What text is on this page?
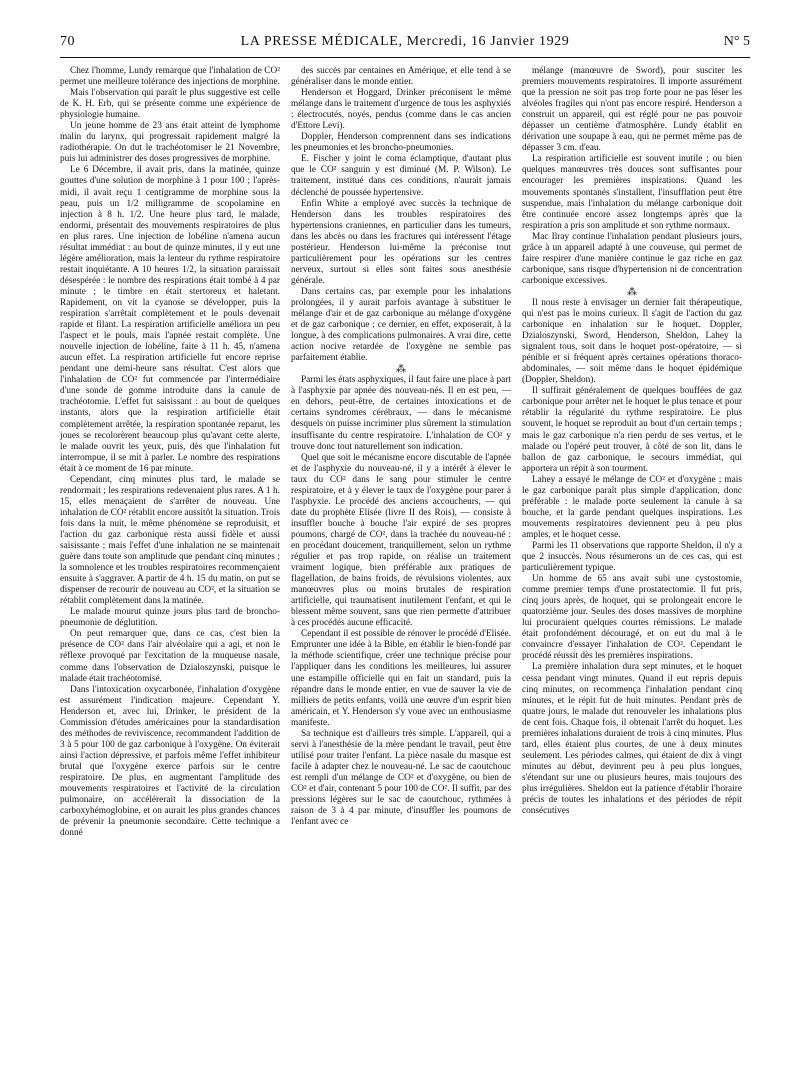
70	LA PRESSE MÉDICALE, Mercredi, 16 Janvier 1929	N° 5

Chez l'homme, Lundy remarque que l'inhalation de CO² permet une meilleure tolérance des injections de morphine.

Mais l'observation qui paraît le plus suggestive est celle de K. H. Erb, qui se présente comme une expérience de physiologie humaine.

Un jeune homme de 23 ans était atteint de lymphome malin du larynx, qui progressait rapidement malgré la radiothérapie. On dut le trachéotomiser le 21 Novembre, puis lui administrer des doses progressives de morphine.

Le 6 Décembre, il avait pris, dans la matinée, quinze gouttes d'une solution de morphine à 1 pour 100 ; l'après-midi, il avait reçu 1 centigramme de morphine sous la peau, puis un 1/2 milligramme de scopolamine en injection à 8 h. 1/2. Une heure plus tard, le malade, endormi, présentait des mouvements respiratoires de plus en plus rares. Une injection de lobéline n'amena aucun résultat immédiat : au bout de quinze minutes, il y eut une légère amélioration, mais la lenteur du rythme respiratoire restait inquiétante. A 10 heures 1/2, la situation paraissait désespérée : le nombre des respirations était tombé à 4 par minute ; le timbre en était stertoreux et haletant. Rapidement, on vit la cyanose se développer, puis la respiration s'arrêtait complètement et le pouls devenait rapide et filant. La respiration artificielle améliora un peu l'aspect et le pouls, mais l'apnée restait complète. Une nouvelle injection de lobéline, faite à 11 h. 45, n'amena aucun effet. La respiration artificielle fut encore reprise pendant une demi-heure sans résultat. C'est alors que l'inhalation de CO² fut commencée par l'intermédiaire d'une sonde de gomme introduite dans la canule de trachéotomie. L'effet fut saisissant : au bout de quelques instants, alors que la respiration artificielle était complètement arrêtée, la respiration spontanée reparut, les joues se recolorèrent beaucoup plus qu'avant cette alerte, le malade ouvrit les yeux, puis, dès que l'inhalation fut interrompue, il se mit à parler. Le nombre des respirations était à ce moment de 16 par minute.

Cependant, cinq minutes plus tard, le malade se rendormait ; les respirations redevenaient plus rares. A 1 h. 15, elles menaçaient de s'arrêter de nouveau. Une inhalation de CO² rétablit encore aussitôt la situation. Trois fois dans la nuit, le même phénomène se reproduisit, et l'action du gaz carbonique resta aussi fidèle et aussi saisissante ; mais l'effet d'une inhalation ne se maintenait guère dans toute son amplitude que pendant cinq minutes ; la somnolence et les troubles respiratoires recommençaient ensuite à s'aggraver. A partir de 4 h. 15 du matin, on put se dispenser de recourir de nouveau au CO², et la situation se rétablit complètement dans la matinée.

Le malade mourut quinze jours plus tard de broncho-pneumonie de déglutition.

On peut remarquer que, dans ce cas, c'est bien la présence de CO² dans l'air alvéolaire qui a agi, et non le réflexe provoqué par l'excitation de la muqueuse nasale, comme dans l'observation de Dzialoszynski, puisque le malade était trachéotomisé.

Dans l'intoxication oxycarbonée, l'inhalation d'oxygène est assurément l'indication majeure. Cependant Y. Henderson et, avec lui, Drinker, le président de la Commission d'études américaines pour la standardisation des méthodes de reviviscence, recommandent l'addition de 3 à 5 pour 100 de gaz carbonique à l'oxygène. On éviterait ainsi l'action dépressive, et parfois même l'effet inhibiteur brutal que l'oxygène exerce parfois sur le centre respiratoire. De plus, en augmentant l'amplitude des mouvements respiratoires et l'activité de la circulation pulmonaire, on accélérerait la dissociation de la carboxyhémoglobine, et on aurait les plus grandes chances de prévenir la pneumonie secondaire. Cette technique a donné

des succès par centaines en Amérique, et elle tend à se généraliser dans le monde entier.

Henderson et Hoggard, Drinker préconisent le même mélange dans le traitement d'urgence de tous les asphyxiés : électrocutés, noyés, pendus (comme dans le cas ancien d'Ettore Levi).

Doppler, Henderson comprennent dans ses indications les pneumonies et les broncho-pneumonies.

E. Fischer y joint le coma éclamptique, d'autant plus que le CO² sanguin y est diminué (M. P. Wilson). Le traitement, institué dans ces conditions, n'aurait jamais déclenché de poussée hypertensive.

Enfin White a employé avec succès la technique de Henderson dans les troubles respiratoires des hypertensions craniennes, en particulier dans les tumeurs, dans les abcès ou dans les fractures qui intéressent l'étage postérieur. Henderson lui-même la préconise tout particulièrement pour les opérations sur les centres nerveux, surtout si elles sont faites sous anesthésie générale.

Dans certains cas, par exemple pour les inhalations prolongées, il y aurait parfois avantage à substituer le mélange d'air et de gaz carbonique au mélange d'oxygène et de gaz carbonique ; ce dernier, en effet, exposerait, à la longue, à des complications pulmonaires. A vrai dire, cette action nocive retardée de l'oxygène ne semble pas parfaitement établie.

⁂

Parmi les états asphyxiques, il faut faire une place à part à l'asphyxie par apnée des nouveau-nés. Il en est peu, — en dehors, peut-être, de certaines intoxications et de certains syndromes cérébraux, — dans le mécanisme desquels on puisse incriminer plus sûrement la stimulation insuffisante du centre respiratoire. L'inhalation de CO² y trouve donc tout naturellement son indication.

Quel que soit le mécanisme encore discutable de l'apnée et de l'asphyxie du nouveau-né, il y a intérêt à élever le taux du CO² dans le sang pour stimuler le centre respiratoire, et à y élever le taux de l'oxygène pour parer à l'asphyxie. Le procédé des anciens accoucheurs, — qui date du prophète Elisée (livre II des Rois), — consiste à insuffler bouche à bouche l'air expiré de ses propres poumons, chargé de CO², dans la trachée du nouveau-né : en procédant doucement, tranquillement, selon un rythme régulier et pas trop rapide, on réalise un traitement vraiment logique, bien préférable aux pratiques de flagellation, de bains froids, de révulsions violentes, aux manœuvres plus ou moins brutales de respiration artificielle, qui traumatisent inutilement l'enfant, et qui le blessent même souvent, sans que rien permette d'attribuer à ces procédés aucune efficacité.

Cependant il est possible de rénover le procédé d'Elisée. Emprunter une idée à la Bible, en établir le bien-fondé par la méthode scientifique, créer une technique précise pour l'appliquer dans les conditions les meilleures, lui assurer une estampille officielle qui en fait un standard, puis la répandre dans le monde entier, en vue de sauver la vie de milliers de petits enfants, voilà une œuvre d'un esprit bien américain, et Y. Henderson s'y voue avec un enthousiasme manifeste.

Sa technique est d'ailleurs très simple. L'appareil, qui a servi à l'anesthésie de la mère pendant le travail, peut être utilisé pour traiter l'enfant. La pièce nasale du masque est facile à adapter chez le nouveau-né. Le sac de caoutchouc est rempli d'un mélange de CO² et d'oxygène, ou bien de CO² et d'air, contenant 5 pour 100 de CO². Il suffit, par des pressions légères sur le sac de caoutchouc, rythmées à raison de 3 à 4 par minute, d'insuffler les poumons de l'enfant avec ce

mélange (manœuvre de Sword), pour susciter les premiers mouvements respiratoires. Il importe assurément que la pression ne soit pas trop forte pour ne pas léser les alvéoles fragiles qui n'ont pas encore respiré. Henderson a construit un appareil, qui est réglé pour ne pas pouvoir dépasser un centième d'atmosphère. Lundy établit en dérivation une soupape à eau, qui ne permet même pas de dépasser 3 cm. d'eau.

La respiration artificielle est souvent inutile ; ou bien quelques manœuvres très douces sont suffisantes pour encourager les premières inspirations. Quand les mouvements spontanés s'installent, l'insufflation peut être suspendue, mais l'inhalation du mélange carbonique doit être continuée encore assez longtemps après que la respiration a pris son amplitude et son rythme normaux.

Mac Ilray continue l'inhalation pendant plusieurs jours, grâce à un appareil adapté à une couveuse, qui permet de faire respirer d'une manière continue le gaz riche en gaz carbonique, sans risque d'hypertension ni de concentration carbonique excessives.

⁂

Il nous reste à envisager un dernier fait thérapeutique, qui n'est pas le moins curieux. Il s'agit de l'action du gaz carbonique en inhalation sur le hoquet. Doppler, Dzialoszynski, Sword, Henderson, Sheldon, Lahey la signalent tous, soit dans le hoquet post-opératoire, — si pénible et si fréquent après certaines opérations thoraco-abdominales, — soit même dans le hoquet épidémique (Doppler, Sheldon).

Il suffirait généralement de quelques bouffées de gaz carbonique pour arrêter net le hoquet le plus tenace et pour rétablir la régularité du rythme respiratoire. Le plus souvent, le hoquet se reproduit au bout d'un certain temps ; mais le gaz carbonique n'a rien perdu de ses vertus, et le malade ou l'opéré peut trouver, à côté de son lit, dans le ballon de gaz carbonique, le secours immédiat, qui apportera un répit à son tourment.

Lahey a essayé le mélange de CO² et d'oxygène ; mais le gaz carbonique paraît plus simple d'application, donc préférable : le malade porte seulement la canule à sa bouche, et la garde pendant quelques inspirations. Les mouvements respiratoires deviennent peu à peu plus amples, et le hoquet cesse.

Parmi les 11 observations que rapporte Sheldon, il n'y a que 2 insuccès. Nous résumerons un de ces cas, qui est particulièrement typique.

Un homme de 65 ans avait subi une cystostomie, comme premier temps d'une prostatectomie. Il fut pris, cinq jours après, de hoquet, qui se prolongeait encore le quatorzième jour. Seules des doses massives de morphine lui procuraient quelques courtes rémissions. Le malade était profondément découragé, et on eut du mal à le convaincre d'essayer l'inhalation de CO². Cependant le procédé réussit dès les premières inspirations.

La première inhalation dura sept minutes, et le hoquet cessa pendant vingt minutes. Quand il eut repris depuis cinq minutes, on recommença l'inhalation pendant cinq minutes, et le répit fut de huit minutes. Pendant près de quatre jours, le malade dut renouveler les inhalations plus de cent fois. Chaque fois, il obtenait l'arrêt du hoquet. Les premières inhalations duraient de trois à cinq minutes. Plus tard, elles étaient plus courtes, de une à deux minutes seulement. Les périodes calmes, qui étaient de dix à vingt minutes au début, devinrent peu à peu plus longues, s'étendant sur une ou plusieurs heures, mais toujours des plus irrégulières. Sheldon eut la patience d'établir l'horaire précis de toutes les inhalations et des périodes de répit consécutives
